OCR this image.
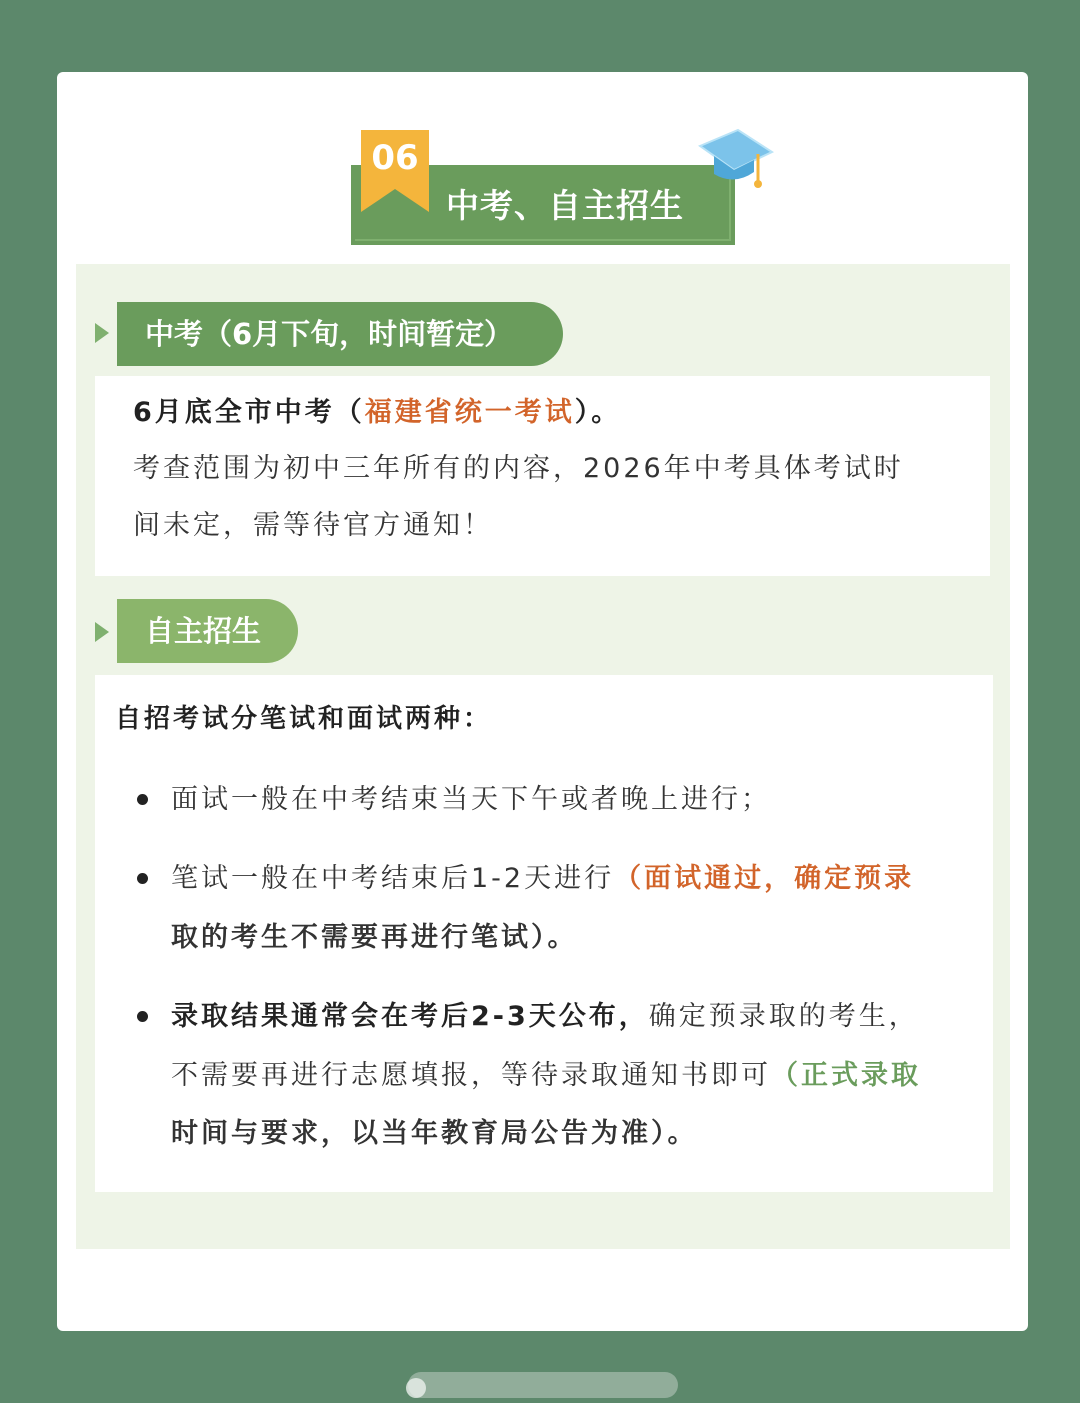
06
中考、自主招生
中考（6月下旬，时间暂定）
6月底全市中考（福建省统一考试）。
考查范围为初中三年所有的内容，2026年中考具体考试时
间未定，需等待官方通知！
自主招生
自招考试分笔试和面试两种：
面试一般在中考结束当天下午或者晚上进行；
笔试一般在中考结束后1-2天进行（面试通过，确定预录
取的考生不需要再进行笔试）。
录取结果通常会在考后2-3天公布，确定预录取的考生，
不需要再进行志愿填报，等待录取通知书即可（正式录取
时间与要求，以当年教育局公告为准）。
